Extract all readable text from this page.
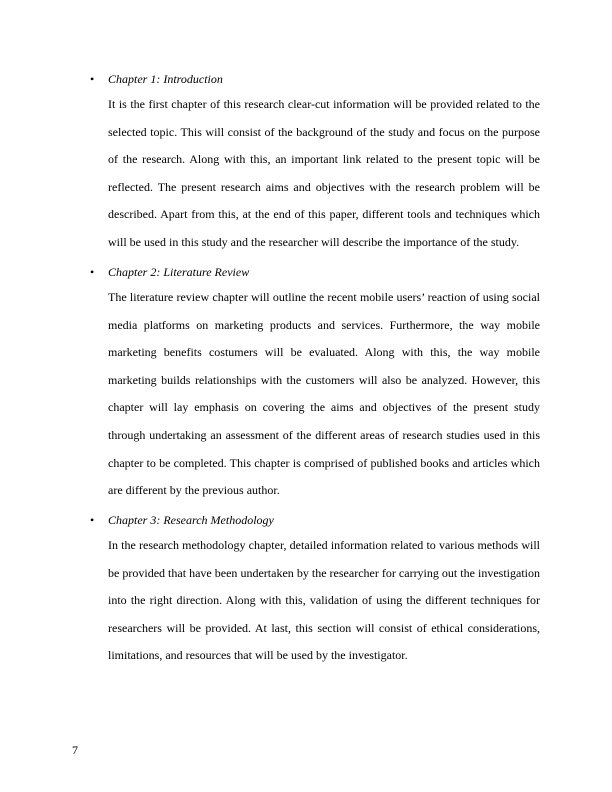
• Chapter 1: Introduction
It is the first chapter of this research clear-cut information will be provided related to the selected topic. This will consist of the background of the study and focus on the purpose of the research. Along with this, an important link related to the present topic will be reflected. The present research aims and objectives with the research problem will be described. Apart from this, at the end of this paper, different tools and techniques which will be used in this study and the researcher will describe the importance of the study.
• Chapter 2: Literature Review
The literature review chapter will outline the recent mobile users’ reaction of using social media platforms on marketing products and services. Furthermore, the way mobile marketing benefits costumers will be evaluated. Along with this, the way mobile marketing builds relationships with the customers will also be analyzed. However, this chapter will lay emphasis on covering the aims and objectives of the present study through undertaking an assessment of the different areas of research studies used in this chapter to be completed. This chapter is comprised of published books and articles which are different by the previous author.
• Chapter 3: Research Methodology
In the research methodology chapter, detailed information related to various methods will be provided that have been undertaken by the researcher for carrying out the investigation into the right direction. Along with this, validation of using the different techniques for researchers will be provided. At last, this section will consist of ethical considerations, limitations, and resources that will be used by the investigator.
7
